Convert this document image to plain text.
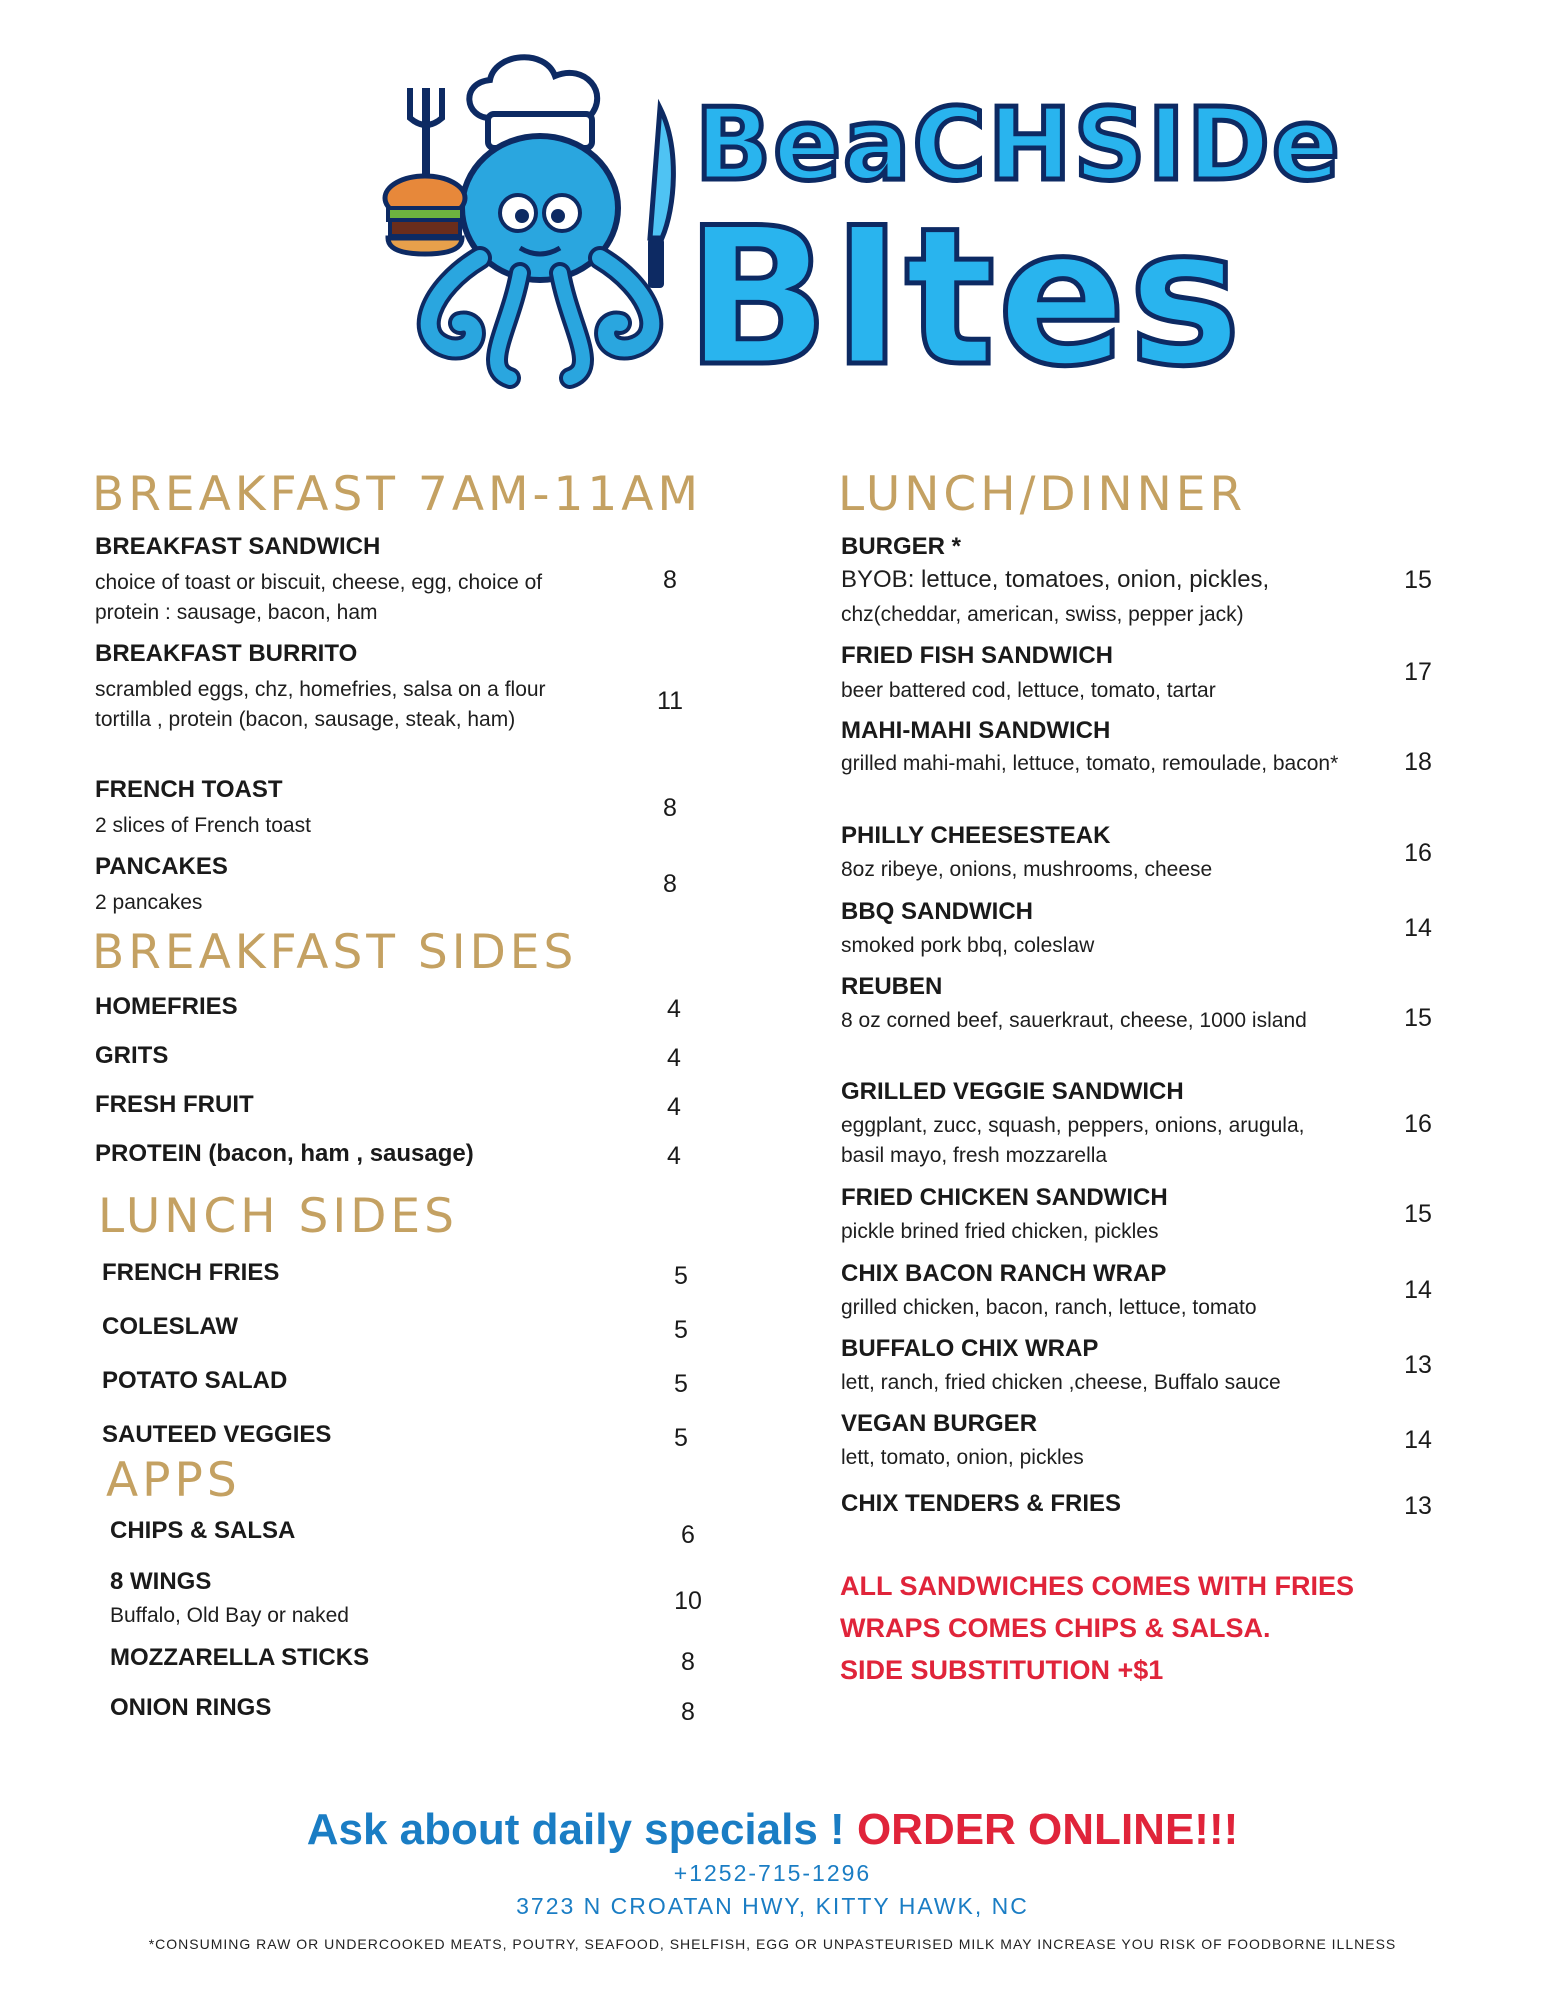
BeaCHSIDe
BItes
BREAKFAST 7AM-11AM
BREAKFAST SANDWICH
choice of toast or biscuit, cheese, egg, choice of protein : sausage, bacon, ham
8
BREAKFAST BURRITO
scrambled eggs, chz, homefries, salsa on a flour tortilla , protein (bacon, sausage, steak, ham)
11
FRENCH TOAST
2 slices of French toast
8
PANCAKES
2 pancakes
8
BREAKFAST SIDES
HOMEFRIES	4
GRITS	4
FRESH FRUIT	4
PROTEIN (bacon, ham , sausage)	4
LUNCH SIDES
FRENCH FRIES	5
COLESLAW	5
POTATO SALAD	5
SAUTEED VEGGIES	5
APPS
CHIPS & SALSA	6
8 WINGS
Buffalo, Old Bay or naked
10
MOZZARELLA STICKS	8
ONION RINGS	8
LUNCH/DINNER
BURGER *
BYOB: lettuce, tomatoes, onion, pickles,
chz(cheddar, american, swiss, pepper jack)
15
FRIED FISH SANDWICH
beer battered cod, lettuce, tomato, tartar
17
MAHI-MAHI SANDWICH
grilled mahi-mahi, lettuce, tomato, remoulade, bacon*	18
PHILLY CHEESESTEAK
8oz ribeye, onions, mushrooms, cheese
16
BBQ SANDWICH
smoked pork bbq, coleslaw
14
REUBEN
8 oz corned beef, sauerkraut, cheese, 1000 island	15
GRILLED VEGGIE SANDWICH
eggplant, zucc, squash, peppers, onions, arugula, basil mayo, fresh mozzarella
16
FRIED CHICKEN SANDWICH
pickle brined fried chicken, pickles
15
CHIX BACON RANCH WRAP
grilled chicken, bacon, ranch, lettuce, tomato
14
BUFFALO CHIX WRAP
lett, ranch, fried chicken ,cheese, Buffalo sauce
13
VEGAN BURGER
lett, tomato, onion, pickles
14
CHIX TENDERS & FRIES	13
ALL SANDWICHES COMES WITH FRIES
WRAPS COMES CHIPS & SALSA.
SIDE SUBSTITUTION +$1
Ask about daily specials ! ORDER ONLINE!!!
+1252-715-1296
3723 N CROATAN HWY, KITTY HAWK, NC
*CONSUMING RAW OR UNDERCOOKED MEATS, POUTRY, SEAFOOD, SHELFISH, EGG OR UNPASTEURISED MILK MAY INCREASE YOU RISK OF FOODBORNE ILLNESS
